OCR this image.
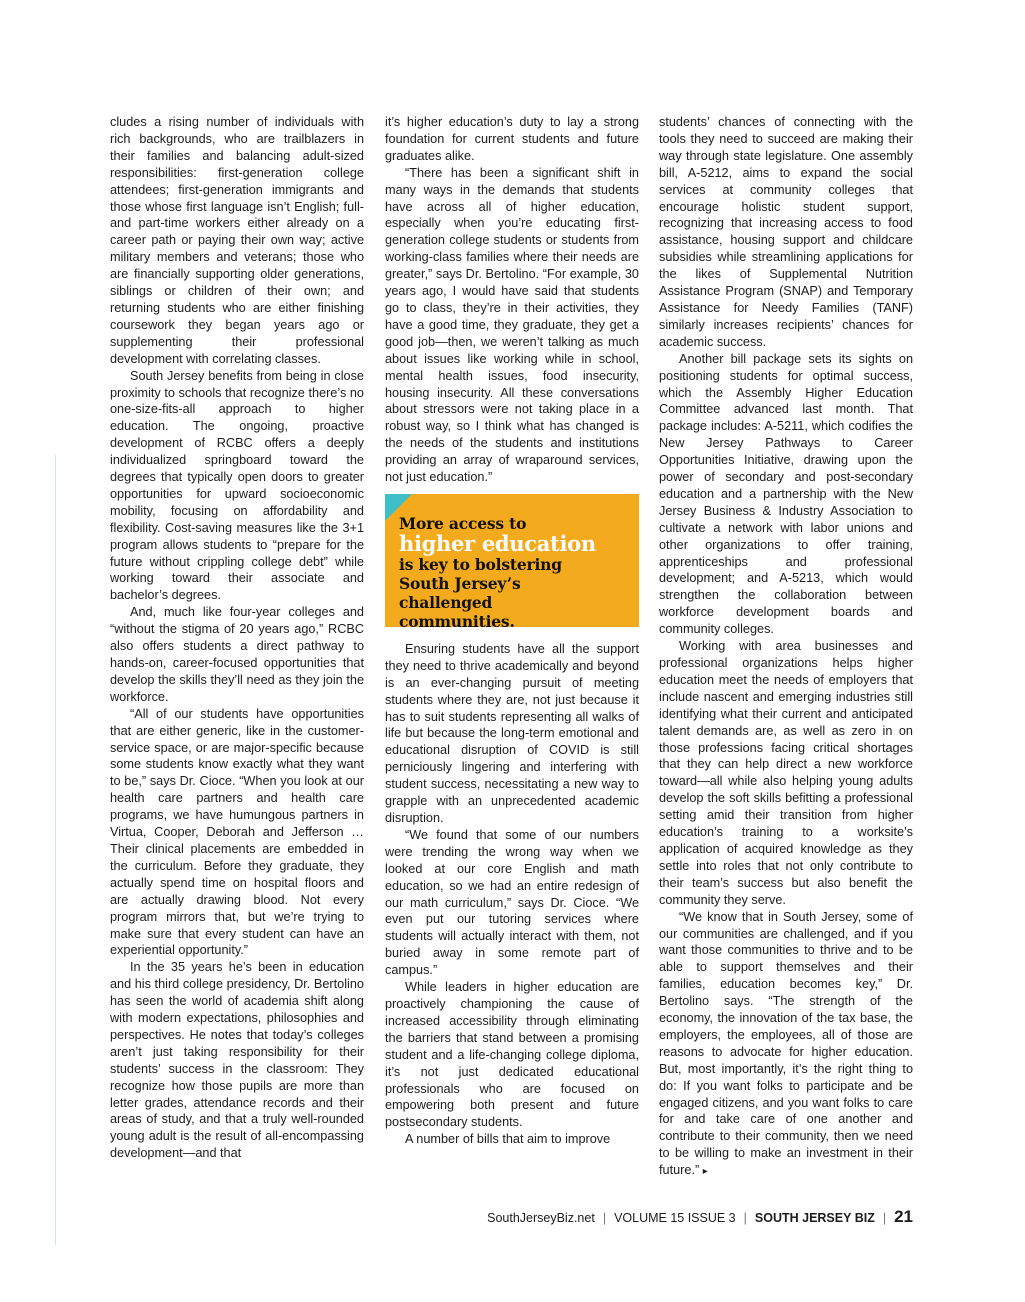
cludes a rising number of individuals with rich backgrounds, who are trailblazers in their families and balancing adult-sized responsibilities: first-generation college attendees; first-generation immigrants and those whose first language isn’t English; full- and part-time workers either already on a career path or paying their own way; active military members and veterans; those who are financially supporting older generations, siblings or children of their own; and returning students who are either finishing coursework they began years ago or supplementing their professional development with correlating classes.

South Jersey benefits from being in close proximity to schools that recognize there’s no one-size-fits-all approach to higher education. The ongoing, proactive development of RCBC offers a deeply individualized springboard toward the degrees that typically open doors to greater opportunities for upward socioeconomic mobility, focusing on affordability and flexibility. Cost-saving measures like the 3+1 program allows students to “prepare for the future without crippling college debt” while working toward their associate and bachelor’s degrees.

And, much like four-year colleges and “without the stigma of 20 years ago,” RCBC also offers students a direct pathway to hands-on, career-focused opportunities that develop the skills they’ll need as they join the workforce.

“All of our students have opportunities that are either generic, like in the customer-service space, or are major-specific because some students know exactly what they want to be,” says Dr. Cioce. “When you look at our health care partners and health care programs, we have humungous partners in Virtua, Cooper, Deborah and Jefferson … Their clinical placements are embedded in the curriculum. Before they graduate, they actually spend time on hospital floors and are actually drawing blood. Not every program mirrors that, but we’re trying to make sure that every student can have an experiential opportunity.”

In the 35 years he’s been in education and his third college presidency, Dr. Bertolino has seen the world of academia shift along with modern expectations, philosophies and perspectives. He notes that today’s colleges aren’t just taking responsibility for their students’ success in the classroom: They recognize how those pupils are more than letter grades, attendance records and their areas of study, and that a truly well-rounded young adult is the result of all-encompassing development—and that

it’s higher education’s duty to lay a strong foundation for current students and future graduates alike.

“There has been a significant shift in many ways in the demands that students have across all of higher education, especially when you’re educating first-generation college students or students from working-class families where their needs are greater,” says Dr. Bertolino. “For example, 30 years ago, I would have said that students go to class, they’re in their activities, they have a good time, they graduate, they get a good job—then, we weren’t talking as much about issues like working while in school, mental health issues, food insecurity, housing insecurity. All these conversations about stressors were not taking place in a robust way, so I think what has changed is the needs of the students and institutions providing an array of wraparound services, not just education.”

More access to
higher education
is key to bolstering
South Jersey’s
challenged
communities.

Ensuring students have all the support they need to thrive academically and beyond is an ever-changing pursuit of meeting students where they are, not just because it has to suit students representing all walks of life but because the long-term emotional and educational disruption of COVID is still perniciously lingering and interfering with student success, necessitating a new way to grapple with an unprecedented academic disruption.

“We found that some of our numbers were trending the wrong way when we looked at our core English and math education, so we had an entire redesign of our math curriculum,” says Dr. Cioce. “We even put our tutoring services where students will actually interact with them, not buried away in some remote part of campus.”

While leaders in higher education are proactively championing the cause of increased accessibility through eliminating the barriers that stand between a promising student and a life-changing college diploma, it’s not just dedicated educational professionals who are focused on empowering both present and future postsecondary students.

A number of bills that aim to improve

students’ chances of connecting with the tools they need to succeed are making their way through state legislature. One assembly bill, A-5212, aims to expand the social services at community colleges that encourage holistic student support, recognizing that increasing access to food assistance, housing support and childcare subsidies while streamlining applications for the likes of Supplemental Nutrition Assistance Program (SNAP) and Temporary Assistance for Needy Families (TANF) similarly increases recipients’ chances for academic success.

Another bill package sets its sights on positioning students for optimal success, which the Assembly Higher Education Committee advanced last month. That package includes: A-5211, which codifies the New Jersey Pathways to Career Opportunities Initiative, drawing upon the power of secondary and post-secondary education and a partnership with the New Jersey Business & Industry Association to cultivate a network with labor unions and other organizations to offer training, apprenticeships and professional development; and A-5213, which would strengthen the collaboration between workforce development boards and community colleges.

Working with area businesses and professional organizations helps higher education meet the needs of employers that include nascent and emerging industries still identifying what their current and anticipated talent demands are, as well as zero in on those professions facing critical shortages that they can help direct a new workforce toward—all while also helping young adults develop the soft skills befitting a professional setting amid their transition from higher education’s training to a worksite’s application of acquired knowledge as they settle into roles that not only contribute to their team’s success but also benefit the community they serve.

“We know that in South Jersey, some of our communities are challenged, and if you want those communities to thrive and to be able to support themselves and their families, education becomes key,” Dr. Bertolino says. “The strength of the economy, the innovation of the tax base, the employers, the employees, all of those are reasons to advocate for higher education. But, most importantly, it’s the right thing to do: If you want folks to participate and be engaged citizens, and you want folks to care for and take care of one another and contribute to their community, then we need to be willing to make an investment in their future.” ▸

SouthJerseyBiz.net | VOLUME 15 ISSUE 3 | SOUTH JERSEY BIZ | 21
